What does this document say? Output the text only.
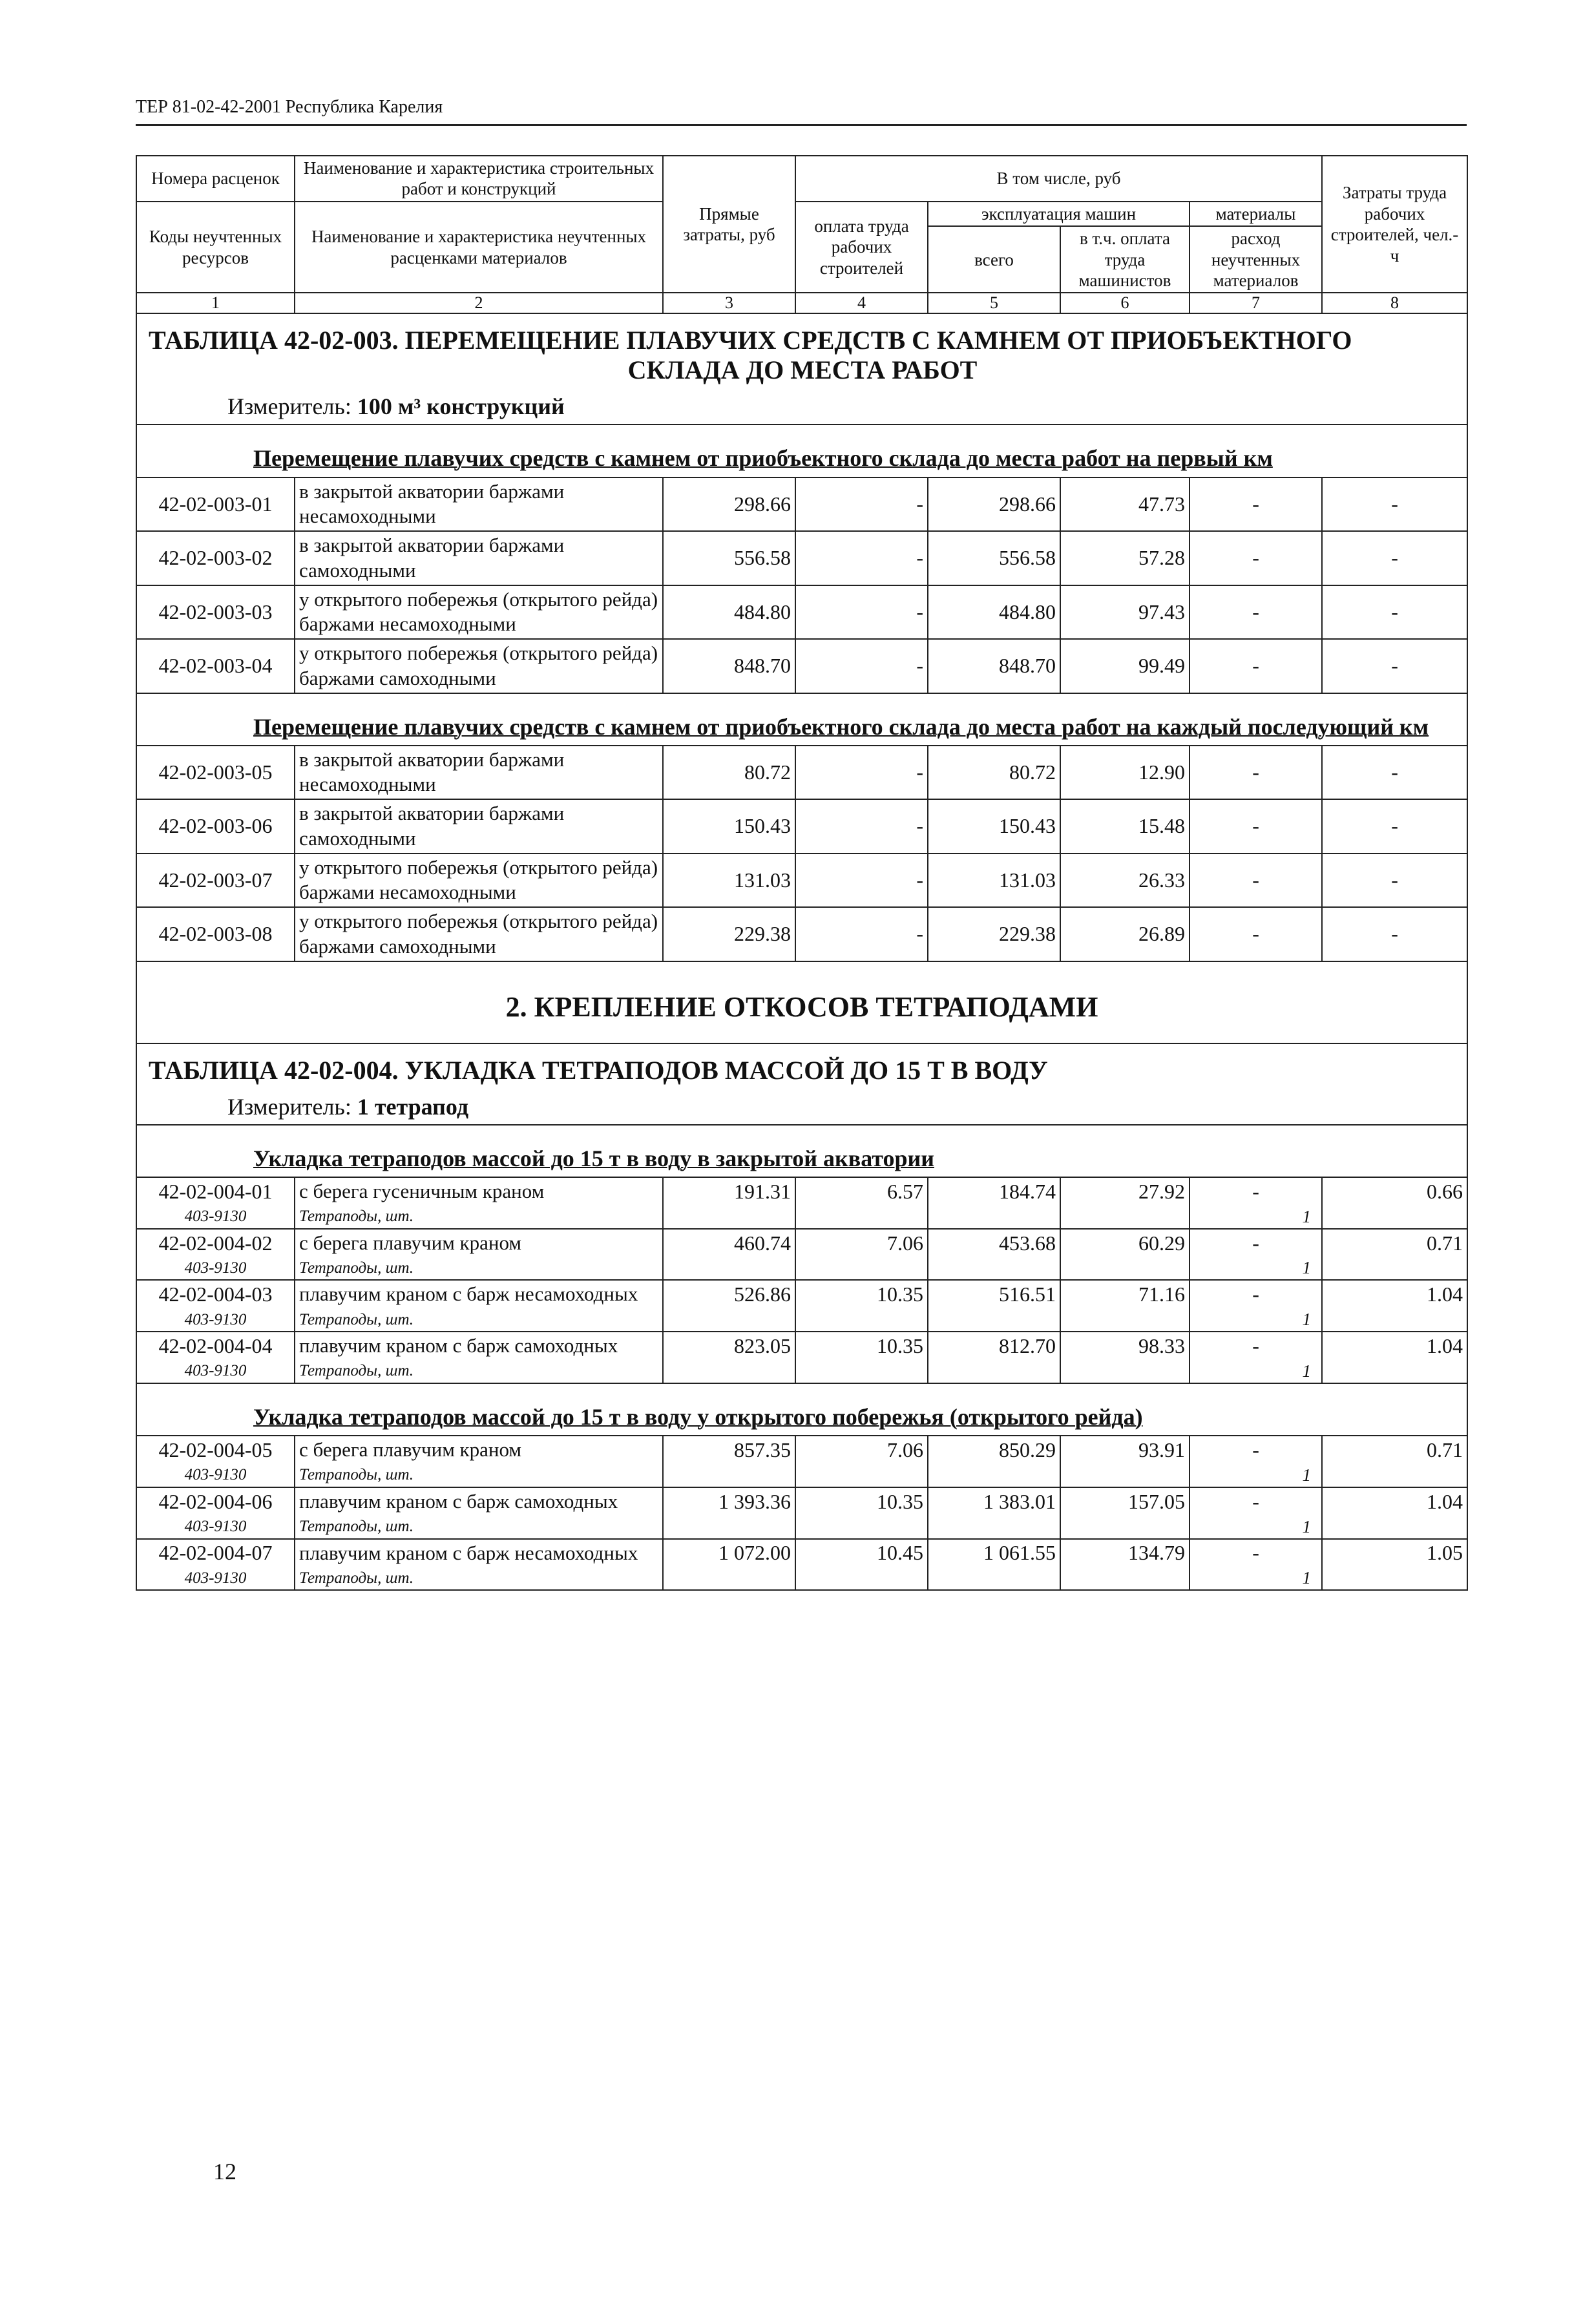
ТЕР 81-02-42-2001 Республика Карелия
Номера расценок	Наименование и характеристика строительных работ и конструкций	Прямые затраты, руб	В том числе, руб				Затраты труда рабочих строителей, чел.-ч
Коды неучтенных ресурсов	Наименование и характеристика неучтенных расценками материалов		оплата труда рабочих строителей	эксплуатация машин		материалы	
				всего	в т.ч. оплата труда машинистов	расход неучтенных материалов	
1	2	3	4	5	6	7	8
ТАБЛИЦА 42-02-003. ПЕРЕМЕЩЕНИЕ ПЛАВУЧИХ СРЕДСТВ С КАМНЕМ ОТ ПРИОБЪЕКТНОГО
СКЛАДА ДО МЕСТА РАБОТ							

Измеритель: 100 м³ конструкций							
Перемещение плавучих средств с камнем от приобъектного склада до места работ на первый км							
42-02-003-01	в закрытой акватории баржами несамоходными	298.66	-	298.66	47.73	-	-
42-02-003-02	в закрытой акватории баржами самоходными	556.58	-	556.58	57.28	-	-
42-02-003-03	у открытого побережья (открытого рейда) баржами несамоходными	484.80	-	484.80	97.43	-	-
42-02-003-04	у открытого побережья (открытого рейда) баржами самоходными	848.70	-	848.70	99.49	-	-
Перемещение плавучих средств с камнем от приобъектного склада до места работ на каждый последующий км							
42-02-003-05	в закрытой акватории баржами несамоходными	80.72	-	80.72	12.90	-	-
42-02-003-06	в закрытой акватории баржами самоходными	150.43	-	150.43	15.48	-	-
42-02-003-07	у открытого побережья (открытого рейда) баржами несамоходными	131.03	-	131.03	26.33	-	-
42-02-003-08	у открытого побережья (открытого рейда) баржами самоходными	229.38	-	229.38	26.89	-	-
2. КРЕПЛЕНИЕ ОТКОСОВ ТЕТРАПОДАМИ							
ТАБЛИЦА 42-02-004. УКЛАДКА ТЕТРАПОДОВ МАССОЙ ДО 15 Т В ВОДУ							
Измеритель: 1 тетрапод							
Укладка тетраподов массой до 15 т в воду в закрытой акватории							
42-02-004-01	с берега гусеничным краном	191.31	6.57	184.74	27.92	-	0.66
403-9130	Тетраподы, шт.					1	
42-02-004-02	с берега плавучим краном	460.74	7.06	453.68	60.29	-	0.71
403-9130	Тетраподы, шт.					1	
42-02-004-03	плавучим краном с барж несамоходных	526.86	10.35	516.51	71.16	-	1.04
403-9130	Тетраподы, шт.					1	
42-02-004-04	плавучим краном с барж самоходных	823.05	10.35	812.70	98.33	-	1.04
403-9130	Тетраподы, шт.					1	
Укладка тетраподов массой до 15 т в воду у открытого побережья (открытого рейда)							
42-02-004-05	с берега плавучим краном	857.35	7.06	850.29	93.91	-	0.71
403-9130	Тетраподы, шт.					1	
42-02-004-06	плавучим краном с барж самоходных	1 393.36	10.35	1 383.01	157.05	-	1.04
403-9130	Тетраподы, шт.					1	
42-02-004-07	плавучим краном с барж несамоходных	1 072.00	10.45	1 061.55	134.79	-	1.05
403-9130	Тетраподы, шт.					1	
12
